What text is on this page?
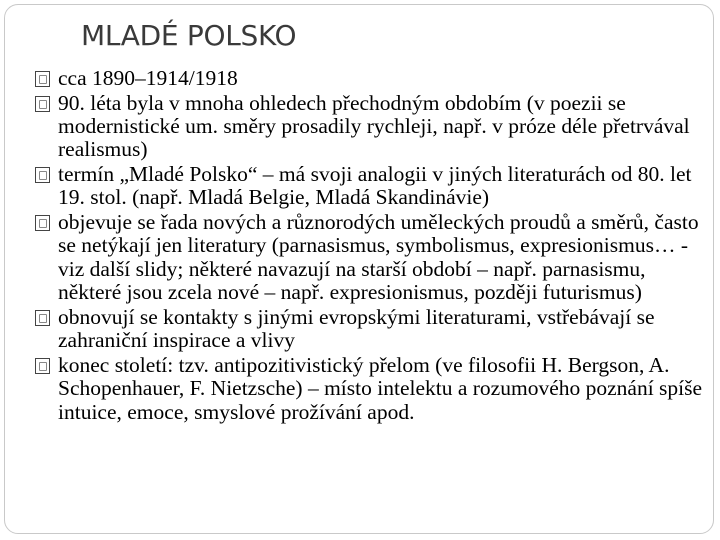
MLADÉ POLSKO
cca 1890–1914/1918
90. léta byla v mnoha ohledech přechodným obdobím (v poezii se modernistické um. směry prosadily rychleji, např. v próze déle přetrvával realismus)
termín „Mladé Polsko“ – má svoji analogii v jiných literaturách od 80. let 19. stol. (např. Mladá Belgie, Mladá Skandinávie)
objevuje se řada nových a různorodých uměleckých proudů a směrů, často se netýkají jen literatury (parnasismus, symbolismus, expresionismus… - viz další slidy; některé navazují na starší období – např. parnasismu, některé jsou zcela nové – např. expresionismus, později futurismus)
obnovují se kontakty s jinými evropskými literaturami, vstřebávají se zahraniční inspirace a vlivy
konec století: tzv. antipozitivistický přelom (ve filosofii H. Bergson, A. Schopenhauer, F. Nietzsche) – místo intelektu a rozumového poznání spíše intuice, emoce, smyslové prožívání apod.
